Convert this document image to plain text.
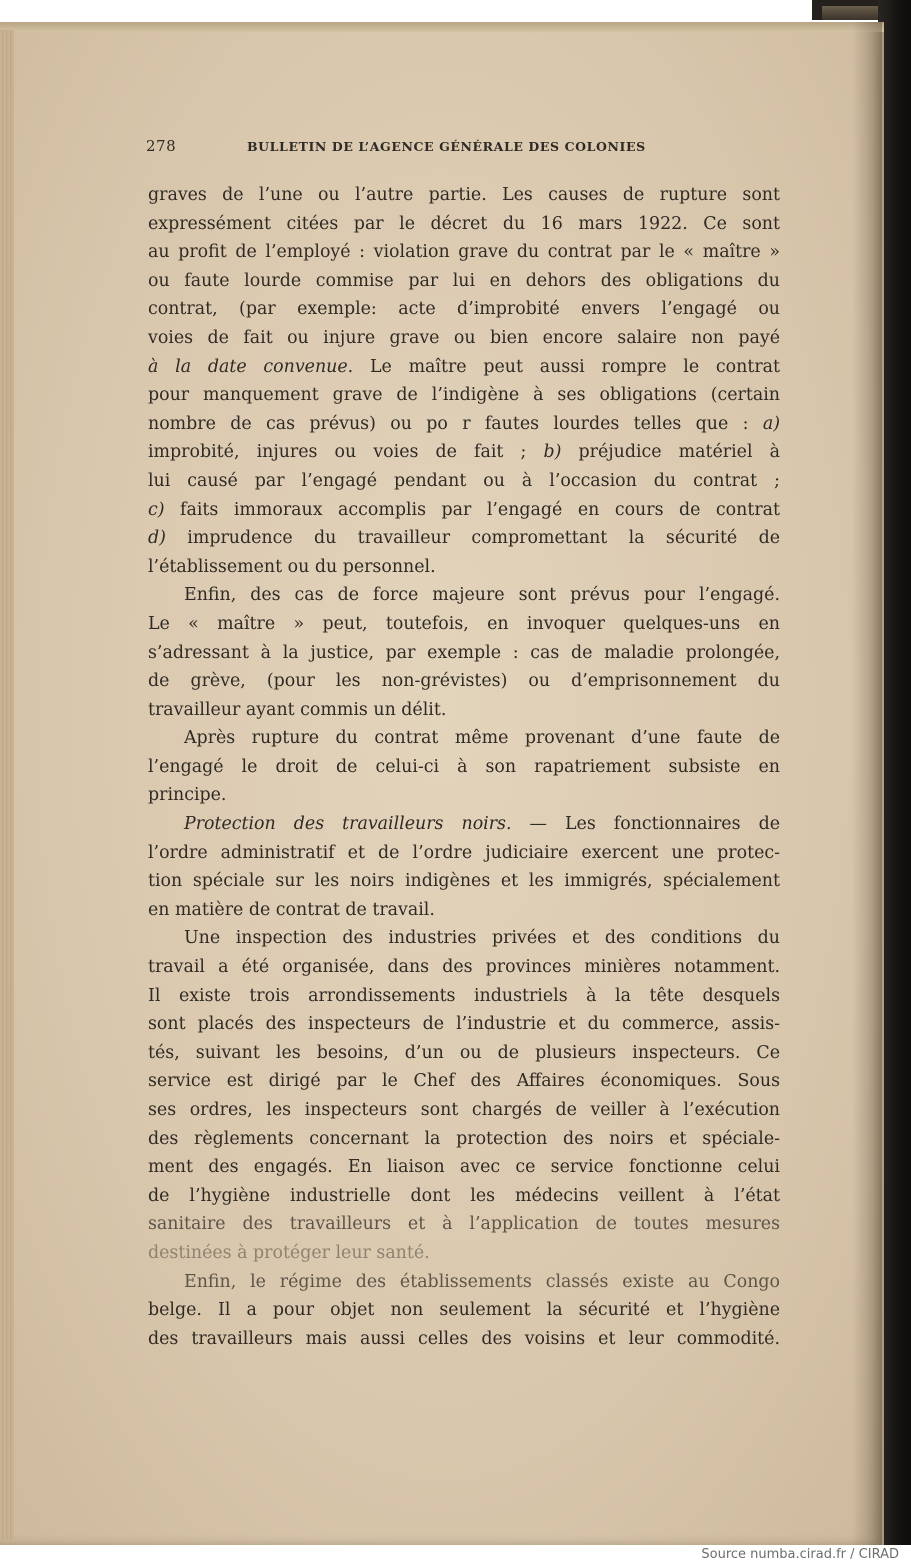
278	BULLETIN DE L’AGENCE GÉNÉRALE DES COLONIES
graves de l’une ou l’autre partie. Les causes de rupture sont
expressément citées par le décret du 16 mars 1922. Ce sont
au profit de l’employé : violation grave du contrat par le « maître »
ou faute lourde commise par lui en dehors des obligations du
contrat, (par exemple: acte d’improbité envers l’engagé ou
voies de fait ou injure grave ou bien encore salaire non payé
à la date convenue. Le maître peut aussi rompre le contrat
pour manquement grave de l’indigène à ses obligations (certain
nombre de cas prévus) ou po r fautes lourdes telles que : a)
improbité, injures ou voies de fait ; b) préjudice matériel à
lui causé par l’engagé pendant ou à l’occasion du contrat ;
c) faits immoraux accomplis par l’engagé en cours de contrat
d) imprudence du travailleur compromettant la sécurité de
l’établissement ou du personnel.
Enfin, des cas de force majeure sont prévus pour l’engagé.
Le « maître » peut, toutefois, en invoquer quelques-uns en
s’adressant à la justice, par exemple : cas de maladie prolongée,
de grève, (pour les non-grévistes) ou d’emprisonnement du
travailleur ayant commis un délit.
Après rupture du contrat même provenant d’une faute de
l’engagé le droit de celui-ci à son rapatriement subsiste en
principe.
Protection des travailleurs noirs. — Les fonctionnaires de
l’ordre administratif et de l’ordre judiciaire exercent une protec-
tion spéciale sur les noirs indigènes et les immigrés, spécialement
en matière de contrat de travail.
Une inspection des industries privées et des conditions du
travail a été organisée, dans des provinces minières notamment.
Il existe trois arrondissements industriels à la tête desquels
sont placés des inspecteurs de l’industrie et du commerce, assis-
tés, suivant les besoins, d’un ou de plusieurs inspecteurs. Ce
service est dirigé par le Chef des Affaires économiques. Sous
ses ordres, les inspecteurs sont chargés de veiller à l’exécution
des règlements concernant la protection des noirs et spéciale-
ment des engagés. En liaison avec ce service fonctionne celui
de l’hygiène industrielle dont les médecins veillent à l’état
sanitaire des travailleurs et à l’application de toutes mesures
destinées à protéger leur santé.
Enfin, le régime des établissements classés existe au Congo
belge. Il a pour objet non seulement la sécurité et l’hygiène
des travailleurs mais aussi celles des voisins et leur commodité.
Source numba.cirad.fr / CIRAD
